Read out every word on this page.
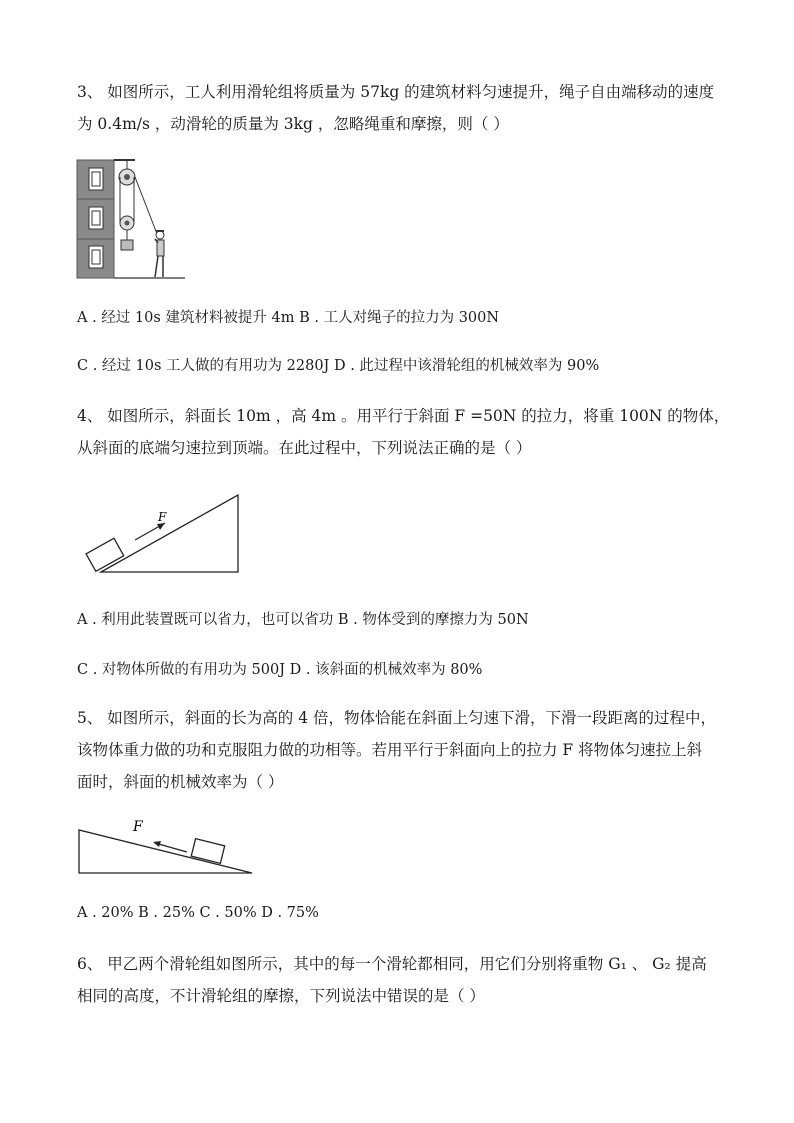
3、 如图所示，工人利用滑轮组将质量为 57kg 的建筑材料匀速提升，绳子自由端移动的速度
为 0.4m/s ，动滑轮的质量为 3kg ，忽略绳重和摩擦，则（ ）
A . 经过 10s 建筑材料被提升 4m B . 工人对绳子的拉力为 300N
C . 经过 10s 工人做的有用功为 2280J D . 此过程中该滑轮组的机械效率为 90%
4、 如图所示，斜面长 10m ，高 4m 。用平行于斜面 F =50N 的拉力，将重 100N 的物体，
从斜面的底端匀速拉到顶端。在此过程中，下列说法正确的是（ ）
F
A . 利用此装置既可以省力，也可以省功 B . 物体受到的摩擦力为 50N
C . 对物体所做的有用功为 500J D . 该斜面的机械效率为 80%
5、 如图所示，斜面的长为高的 4 倍，物体恰能在斜面上匀速下滑，下滑一段距离的过程中，
该物体重力做的功和克服阻力做的功相等。若用平行于斜面向上的拉力 F 将物体匀速拉上斜
面时，斜面的机械效率为（ ）
F
A . 20% B . 25% C . 50% D . 75%
6、 甲乙两个滑轮组如图所示，其中的每一个滑轮都相同，用它们分别将重物 G₁ 、 G₂ 提高
相同的高度，不计滑轮组的摩擦，下列说法中错误的是（ ）
